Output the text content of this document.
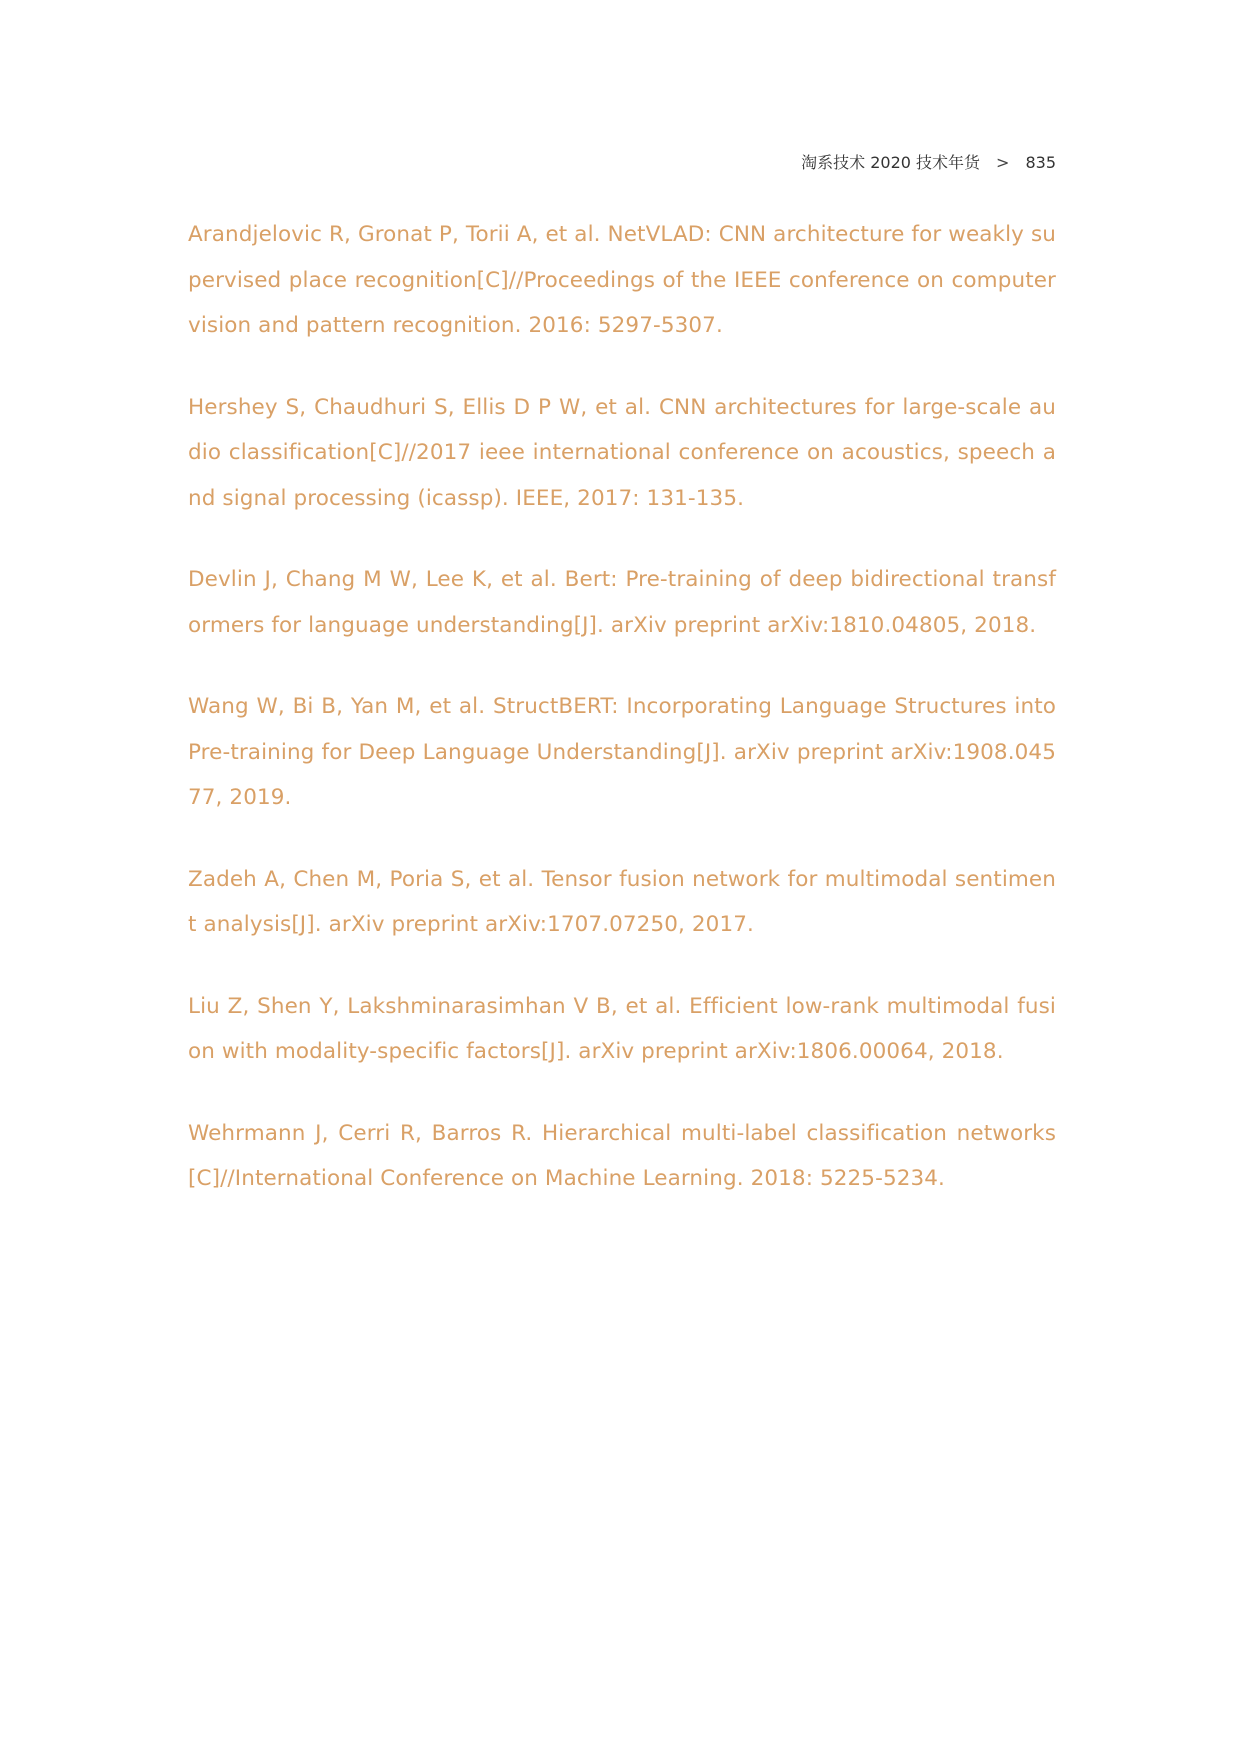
淘系技术 2020 技术年货 > 835

Arandjelovic R, Gronat P, Torii A, et al. NetVLAD: CNN architecture for weakly supervised place recognition[C]//Proceedings of the IEEE conference on computer vision and pattern recognition. 2016: 5297-5307.

Hershey S, Chaudhuri S, Ellis D P W, et al. CNN architectures for large-scale audio classification[C]//2017 ieee international conference on acoustics, speech and signal processing (icassp). IEEE, 2017: 131-135.

Devlin J, Chang M W, Lee K, et al. Bert: Pre-training of deep bidirectional transformers for language understanding[J]. arXiv preprint arXiv:1810.04805, 2018.

Wang W, Bi B, Yan M, et al. StructBERT: Incorporating Language Structures into Pre-training for Deep Language Understanding[J]. arXiv preprint arXiv:1908.04577, 2019.

Zadeh A, Chen M, Poria S, et al. Tensor fusion network for multimodal sentiment analysis[J]. arXiv preprint arXiv:1707.07250, 2017.

Liu Z, Shen Y, Lakshminarasimhan V B, et al. Efficient low-rank multimodal fusion with modality-specific factors[J]. arXiv preprint arXiv:1806.00064, 2018.

Wehrmann J, Cerri R, Barros R. Hierarchical multi-label classification networks[C]//International Conference on Machine Learning. 2018: 5225-5234.
